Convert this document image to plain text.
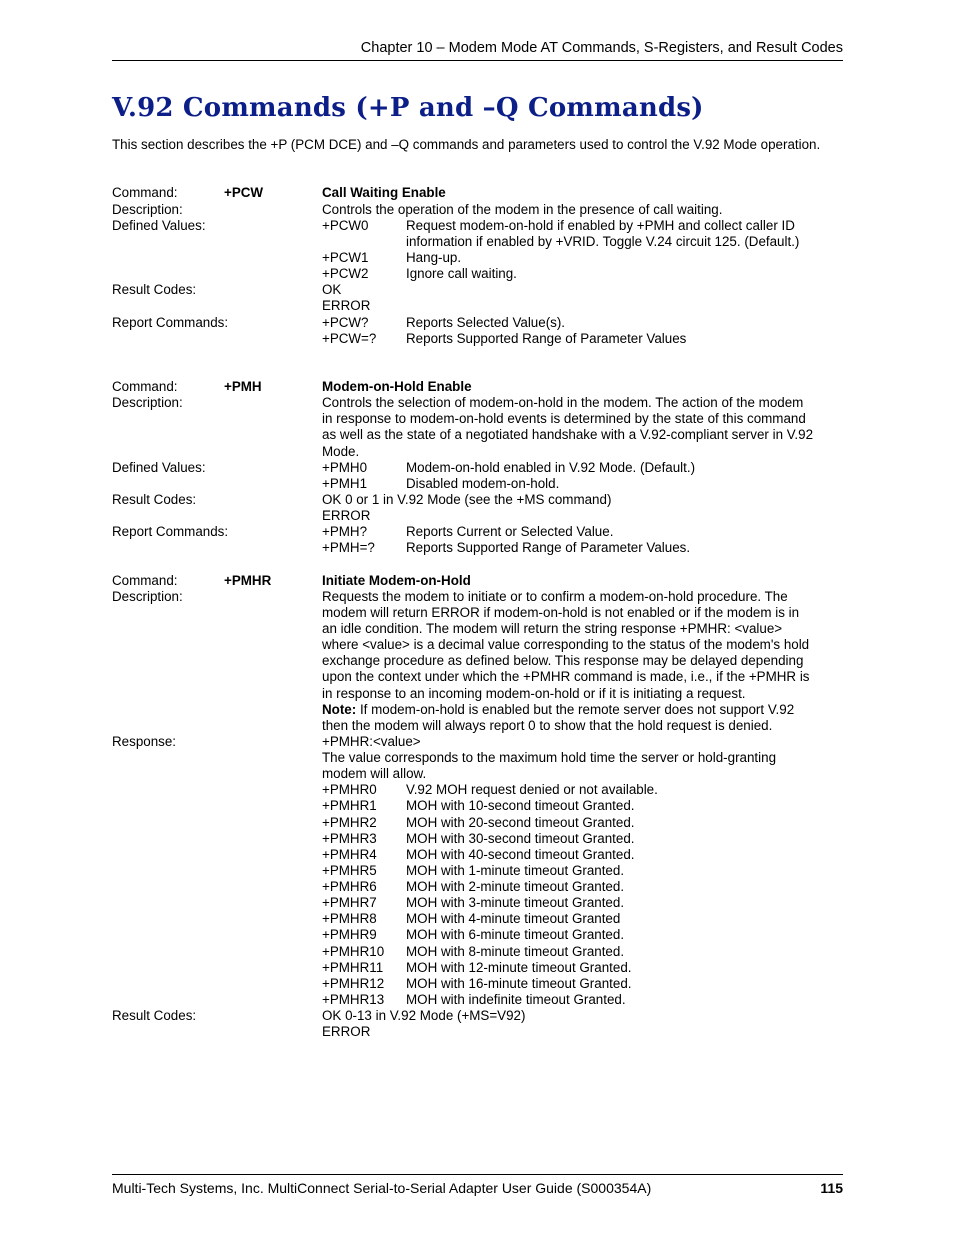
Chapter 10 – Modem Mode AT Commands, S-Registers, and Result Codes
V.92 Commands (+P and –Q Commands)
This section describes the +P (PCM DCE) and –Q commands and parameters used to control the V.92 Mode operation.
Command:	+PCW	Call Waiting Enable
Description:	Controls the operation of the modem in the presence of call waiting.
Defined Values:	+PCW0	Request modem-on-hold if enabled by +PMH and collect caller ID
information if enabled by +VRID. Toggle V.24 circuit 125. (Default.)
+PCW1	Hang-up.
+PCW2	Ignore call waiting.
Result Codes:	OK
ERROR
Report Commands:	+PCW?	Reports Selected Value(s).
+PCW=? Reports Supported Range of Parameter Values
Command:	+PMH	Modem-on-Hold Enable
Description:	Controls the selection of modem-on-hold in the modem. The action of the modem
in response to modem-on-hold events is determined by the state of this command
as well as the state of a negotiated handshake with a V.92-compliant server in V.92
Mode.
Defined Values:	+PMH0	Modem-on-hold enabled in V.92 Mode. (Default.)
+PMH1	Disabled modem-on-hold.
Result Codes:	OK 0 or 1 in V.92 Mode (see the +MS command)
ERROR
Report Commands:	+PMH?	Reports Current or Selected Value.
+PMH=? Reports Supported Range of Parameter Values.
Command:	+PMHR	Initiate Modem-on-Hold
Description:	Requests the modem to initiate or to confirm a modem-on-hold procedure. The
modem will return ERROR if modem-on-hold is not enabled or if the modem is in
an idle condition. The modem will return the string response +PMHR: <value>
where <value> is a decimal value corresponding to the status of the modem's hold
exchange procedure as defined below. This response may be delayed depending
upon the context under which the +PMHR command is made, i.e., if the +PMHR is
in response to an incoming modem-on-hold or if it is initiating a request.
Note: If modem-on-hold is enabled but the remote server does not support V.92
then the modem will always report 0 to show that the hold request is denied.
Response:	+PMHR:<value>
The value corresponds to the maximum hold time the server or hold-granting
modem will allow.
+PMHR0 V.92 MOH request denied or not available.
+PMHR1 MOH with 10-second timeout Granted.
+PMHR2 MOH with 20-second timeout Granted.
+PMHR3 MOH with 30-second timeout Granted.
+PMHR4 MOH with 40-second timeout Granted.
+PMHR5 MOH with 1-minute timeout Granted.
+PMHR6 MOH with 2-minute timeout Granted.
+PMHR7 MOH with 3-minute timeout Granted.
+PMHR8 MOH with 4-minute timeout Granted
+PMHR9 MOH with 6-minute timeout Granted.
+PMHR10 MOH with 8-minute timeout Granted.
+PMHR11 MOH with 12-minute timeout Granted.
+PMHR12 MOH with 16-minute timeout Granted.
+PMHR13 MOH with indefinite timeout Granted.
Result Codes:	OK 0-13 in V.92 Mode (+MS=V92)
ERROR
Multi-Tech Systems, Inc. MultiConnect Serial-to-Serial Adapter User Guide (S000354A)	115
